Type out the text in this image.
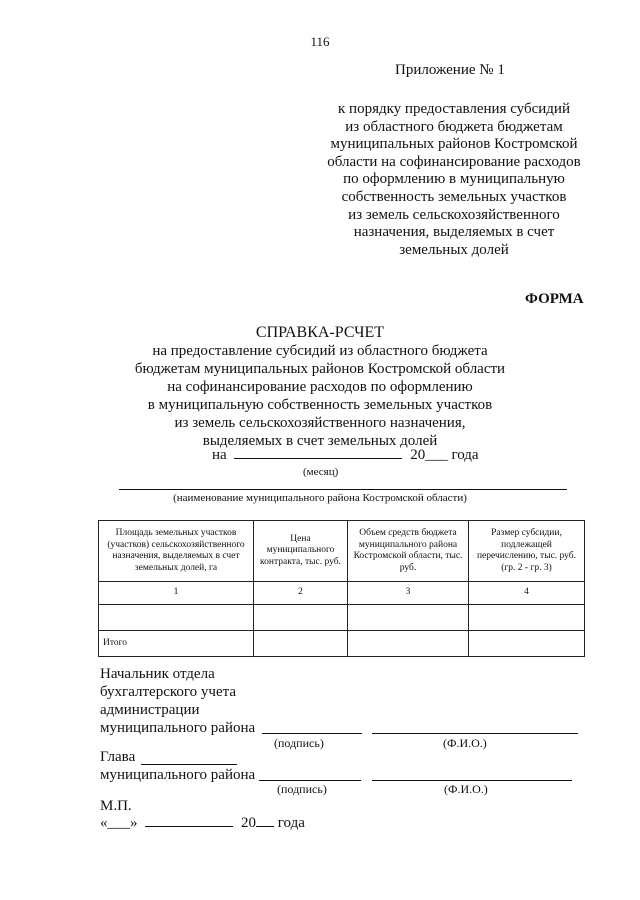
116
Приложение № 1
к порядку предоставления субсидий
из областного бюджета бюджетам
муниципальных районов Костромской
области на софинансирование расходов
по оформлению в муниципальную
собственность земельных участков
из земель сельскохозяйственного
назначения, выделяемых в счет
земельных долей
ФОРМА
СПРАВКА-РСЧЕТ
на предоставление субсидий из областного бюджета
бюджетам муниципальных районов Костромской области
на софинансирование расходов по оформлению
в муниципальную собственность земельных участков
из земель сельскохозяйственного назначения,
выделяемых в счет земельных долей
на	20___ года
(месяц)
(наименование муниципального района Костромской области)
Площадь земельных участков (участков) сельскохозяйственного назначения, выделяемых в счет земельных долей, га	Цена муниципального контракта, тыс. руб.	Объем средств бюджета муниципального района Костромской области, тыс. руб.	Размер субсидии, подлежащей перечислению, тыс. руб. (гр. 2 - гр. 3)
1	2	3	4

Итого			
Начальник отдела
бухгалтерского учета
администрации
муниципального района
(подпись)	(Ф.И.О.)
Глава
муниципального района
(подпись)	(Ф.И.О.)
М.П.
«___»	20 года
